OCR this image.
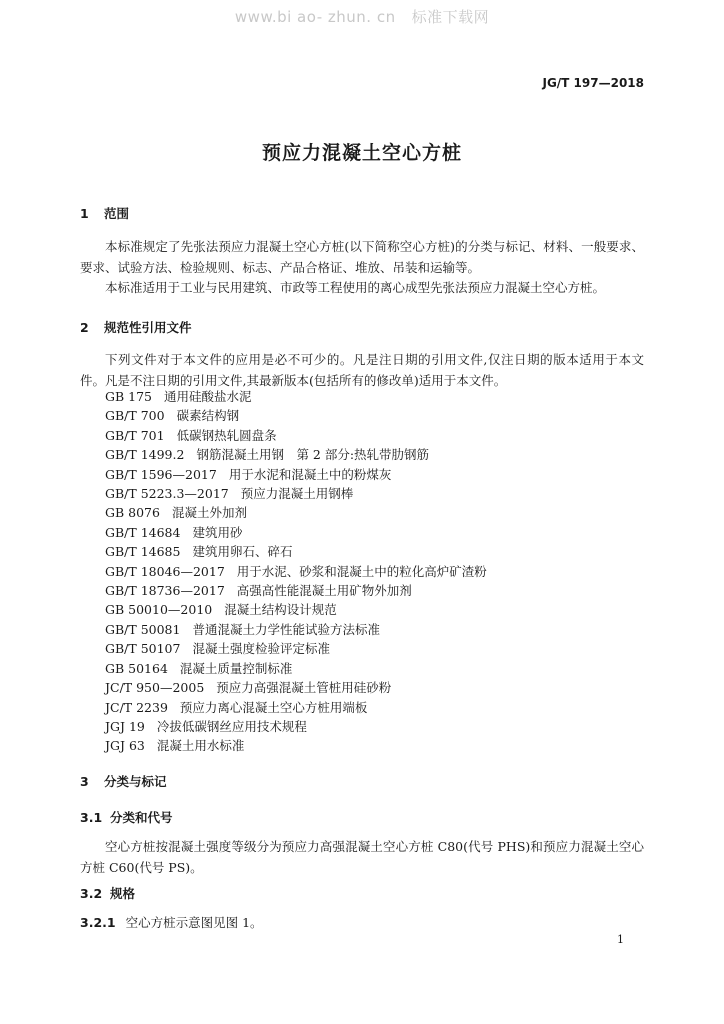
www.bi ao- zhun. cn 标准下载网
JG/T 197—2018
预应力混凝土空心方桩
1 范围

本标准规定了先张法预应力混凝土空心方桩(以下简称空心方桩)的分类与标记、材料、一般要求、要求、试验方法、检验规则、标志、产品合格证、堆放、吊装和运输等。

本标准适用于工业与民用建筑、市政等工程使用的离心成型先张法预应力混凝土空心方桩。

2 规范性引用文件

下列文件对于本文件的应用是必不可少的。凡是注日期的引用文件,仅注日期的版本适用于本文件。凡是不注日期的引用文件,其最新版本(包括所有的修改单)适用于本文件。

GB 175 通用硅酸盐水泥
GB/T 700 碳素结构钢
GB/T 701 低碳钢热轧圆盘条
GB/T 1499.2 钢筋混凝土用钢　第 2 部分:热轧带肋钢筋
GB/T 1596—2017 用于水泥和混凝土中的粉煤灰
GB/T 5223.3—2017 预应力混凝土用钢棒
GB 8076 混凝土外加剂
GB/T 14684 建筑用砂
GB/T 14685 建筑用卵石、碎石
GB/T 18046—2017 用于水泥、砂浆和混凝土中的粒化高炉矿渣粉
GB/T 18736—2017 高强高性能混凝土用矿物外加剂
GB 50010—2010 混凝土结构设计规范
GB/T 50081 普通混凝土力学性能试验方法标准
GB/T 50107 混凝土强度检验评定标准
GB 50164 混凝土质量控制标准
JC/T 950—2005 预应力高强混凝土管桩用硅砂粉
JC/T 2239 预应力离心混凝土空心方桩用端板
JGJ 19 冷拔低碳钢丝应用技术规程
JGJ 63 混凝土用水标准
3 分类与标记
3.1 分类和代号

空心方桩按混凝土强度等级分为预应力高强混凝土空心方桩 C80(代号 PHS)和预应力混凝土空心方桩 C60(代号 PS)。

3.2 规格
3.2.1 空心方桩示意图见图 1。
1
